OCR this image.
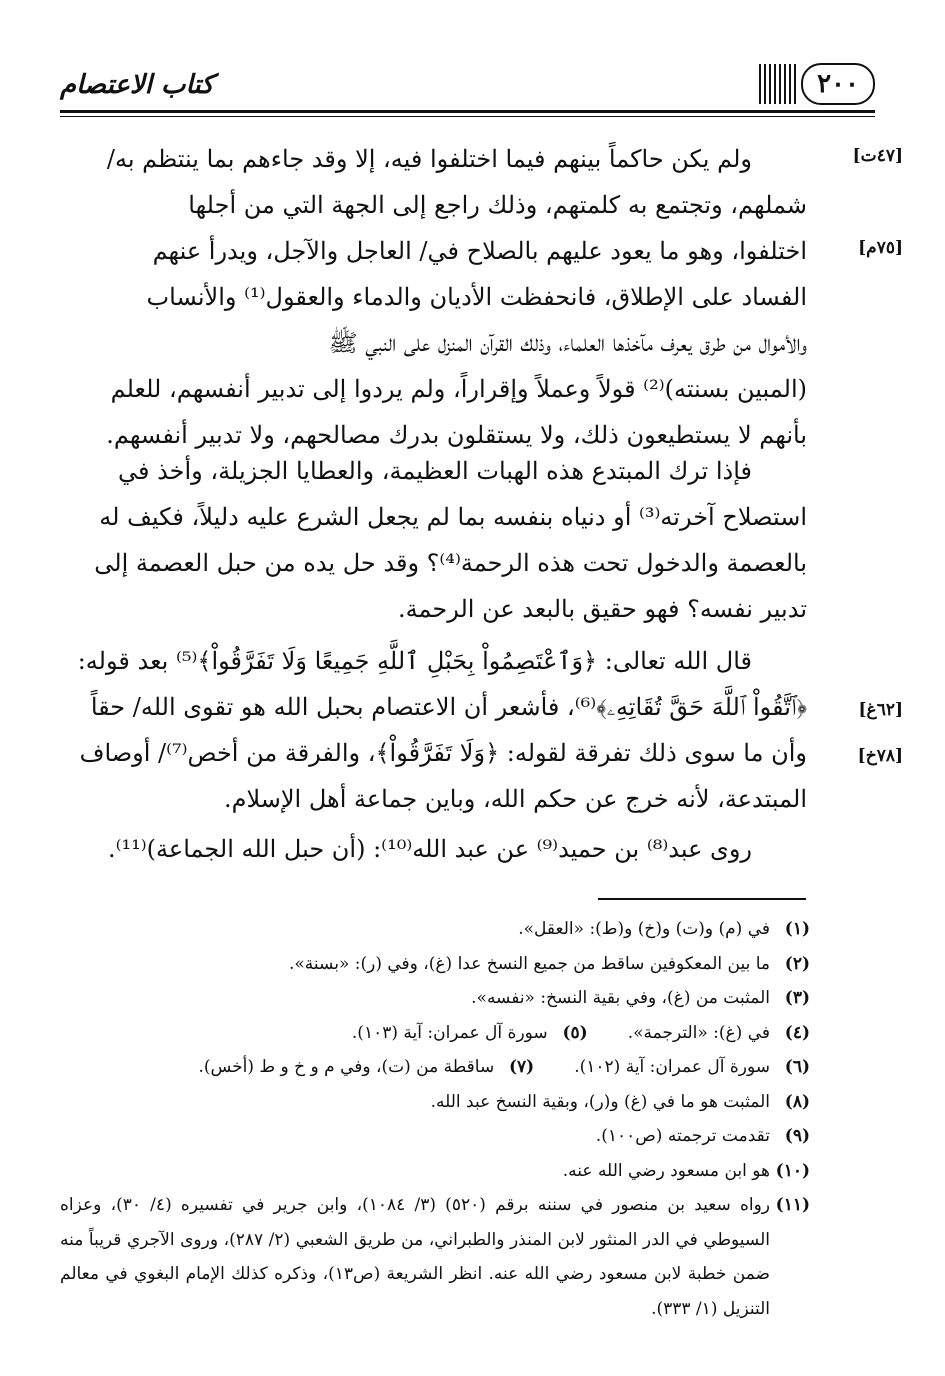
كتاب الاعتصام	٢٠٠
[٤٧ت]
[٧٥م]
[٦٢غ]
[٧٨خ]

ولم يكن حاكماً بينهم فيما اختلفوا فيه، إلا وقد جاءهم بما ينتظم به/

شملهم، وتجتمع به كلمتهم، وذلك راجع إلى الجهة التي من أجلها

اختلفوا، وهو ما يعود عليهم بالصلاح في/ العاجل والآجل، ويدرأ عنهم

الفساد على الإطلاق، فانحفظت الأديان والدماء والعقول⁽¹⁾ والأنساب

والأموال من طرق يعرف مآخذها العلماء، وذلك القرآن المنزل على النبي ﷺ

(المبين بسنته)⁽²⁾ قولاً وعملاً وإقراراً، ولم يردوا إلى تدبير أنفسهم، للعلم

بأنهم لا يستطيعون ذلك، ولا يستقلون بدرك مصالحهم، ولا تدبير أنفسهم.

فإذا ترك المبتدع هذه الهبات العظيمة، والعطايا الجزيلة، وأخذ في

استصلاح آخرته⁽³⁾ أو دنياه بنفسه بما لم يجعل الشرع عليه دليلاً، فكيف له

بالعصمة والدخول تحت هذه الرحمة⁽⁴⁾؟ وقد حل يده من حبل العصمة إلى

تدبير نفسه؟ فهو حقيق بالبعد عن الرحمة.

قال الله تعالى: ﴿وَٱعْتَصِمُواْ بِحَبْلِ ٱللَّهِ جَمِيعًا وَلَا تَفَرَّقُواْ﴾⁽⁵⁾ بعد قوله:

﴿ٱتَّقُواْ ٱللَّهَ حَقَّ تُقَاتِهِۦ﴾⁽⁶⁾، فأشعر أن الاعتصام بحبل الله هو تقوى الله/ حقاً

وأن ما سوى ذلك تفرقة لقوله: ﴿وَلَا تَفَرَّقُواْ﴾، والفرقة من أخص⁽⁷⁾/ أوصاف

المبتدعة، لأنه خرج عن حكم الله، وباين جماعة أهل الإسلام.

روى عبد⁽⁸⁾ بن حميد⁽⁹⁾ عن عبد الله⁽¹⁰⁾: (أن حبل الله الجماعة)⁽¹¹⁾.

(١)
في (م) و(ت) و(خ) و(ط): «العقل».
(٢)
ما بين المعكوفين ساقط من جميع النسخ عدا (غ)، وفي (ر): «بسنة».
(٣)
المثبت من (غ)، وفي بقية النسخ: «نفسه».
(٤)
في (غ): «الترجمة».
(٥)
سورة آل عمران: آية (١٠٣).
(٦)
سورة آل عمران: آية (١٠٢).
(٧)
ساقطة من (ت)، وفي م و خ و ط (أخس).
(٨)
المثبت هو ما في (غ) و(ر)، وبقية النسخ عبد الله.
(٩)
تقدمت ترجمته (ص١٠٠).
(١٠)
هو ابن مسعود رضي الله عنه.
(١١)
رواه سعيد بن منصور في سننه برقم (٥٢٠) (٣/ ١٠٨٤)، وابن جرير في تفسيره (٤/ ٣٠)، وعزاه السيوطي في الدر المنثور لابن المنذر والطبراني، من طريق الشعبي (٢/ ٢٨٧)، وروى الآجري قريباً منه ضمن خطبة لابن مسعود رضي الله عنه. انظر الشريعة (ص١٣)، وذكره كذلك الإمام البغوي في معالم التنزيل (١/ ٣٣٣).
